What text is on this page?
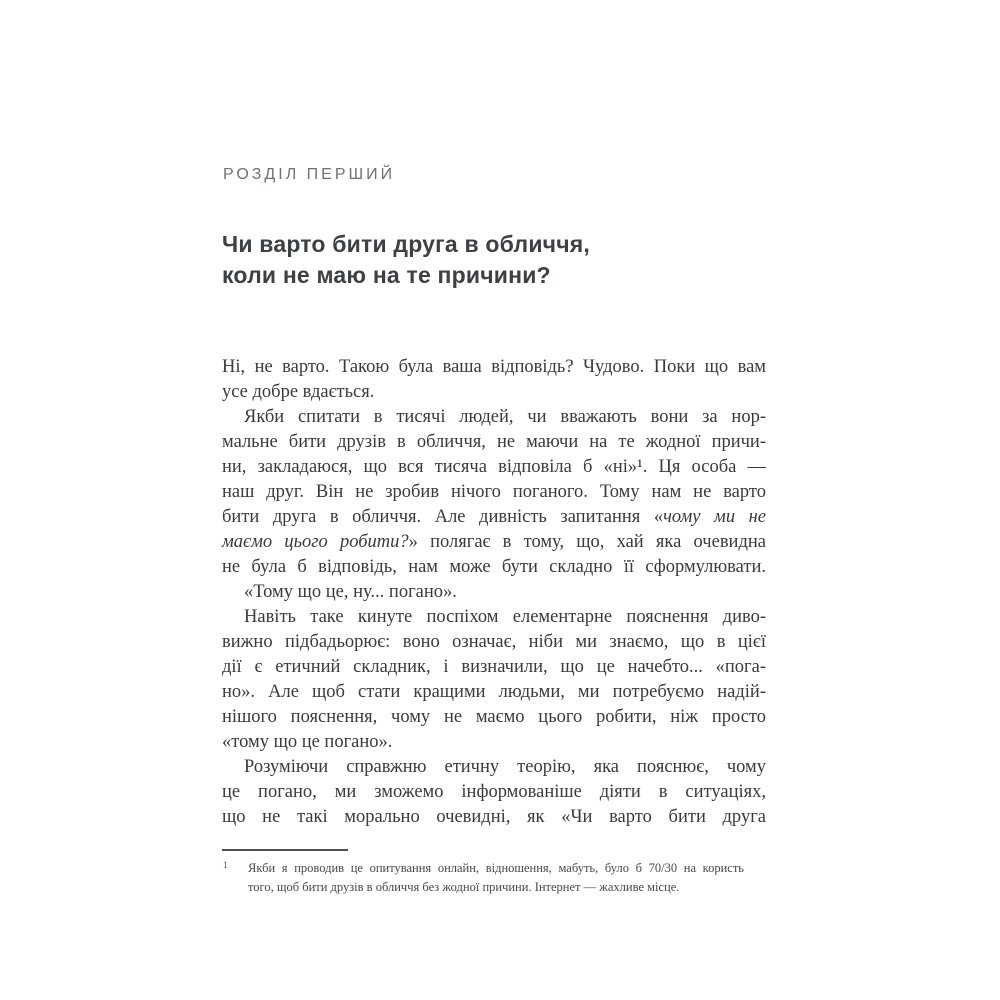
РОЗДІЛ ПЕРШИЙ
Чи варто бити друга в обличчя,
коли не маю на те причини?
Ні, не варто. Такою була ваша відповідь? Чудово. Поки що вам
усе добре вдається.
Якби спитати в тисячі людей, чи вважають вони за нор-
мальне бити друзів в обличчя, не маючи на те жодної причи-
ни, закладаюся, що вся тисяча відповіла б «ні»¹. Ця особа —
наш друг. Він не зробив нічого поганого. Тому нам не варто
бити друга в обличчя. Але дивність запитання «чому ми не
маємо цього робити?» полягає в тому, що, хай яка очевидна
не була б відповідь, нам може бути складно її сформулювати.
«Тому що це, ну... погано».
Навіть таке кинуте поспіхом елементарне пояснення диво-
вижно підбадьорює: воно означає, ніби ми знаємо, що в цієї
дії є етичний складник, і визначили, що це начебто... «пога-
но». Але щоб стати кращими людьми, ми потребуємо надій-
нішого пояснення, чому не маємо цього робити, ніж просто
«тому що це погано».
Розуміючи справжню етичну теорію, яка пояснює, чому
це погано, ми зможемо інформованіше діяти в ситуаціях,
що не такі морально очевидні, як «Чи варто бити друга
1 Якби я проводив це опитування онлайн, відношення, мабуть, було б 70/30 на користь
того, щоб бити друзів в обличчя без жодної причини. Інтернет — жахливе місце.
